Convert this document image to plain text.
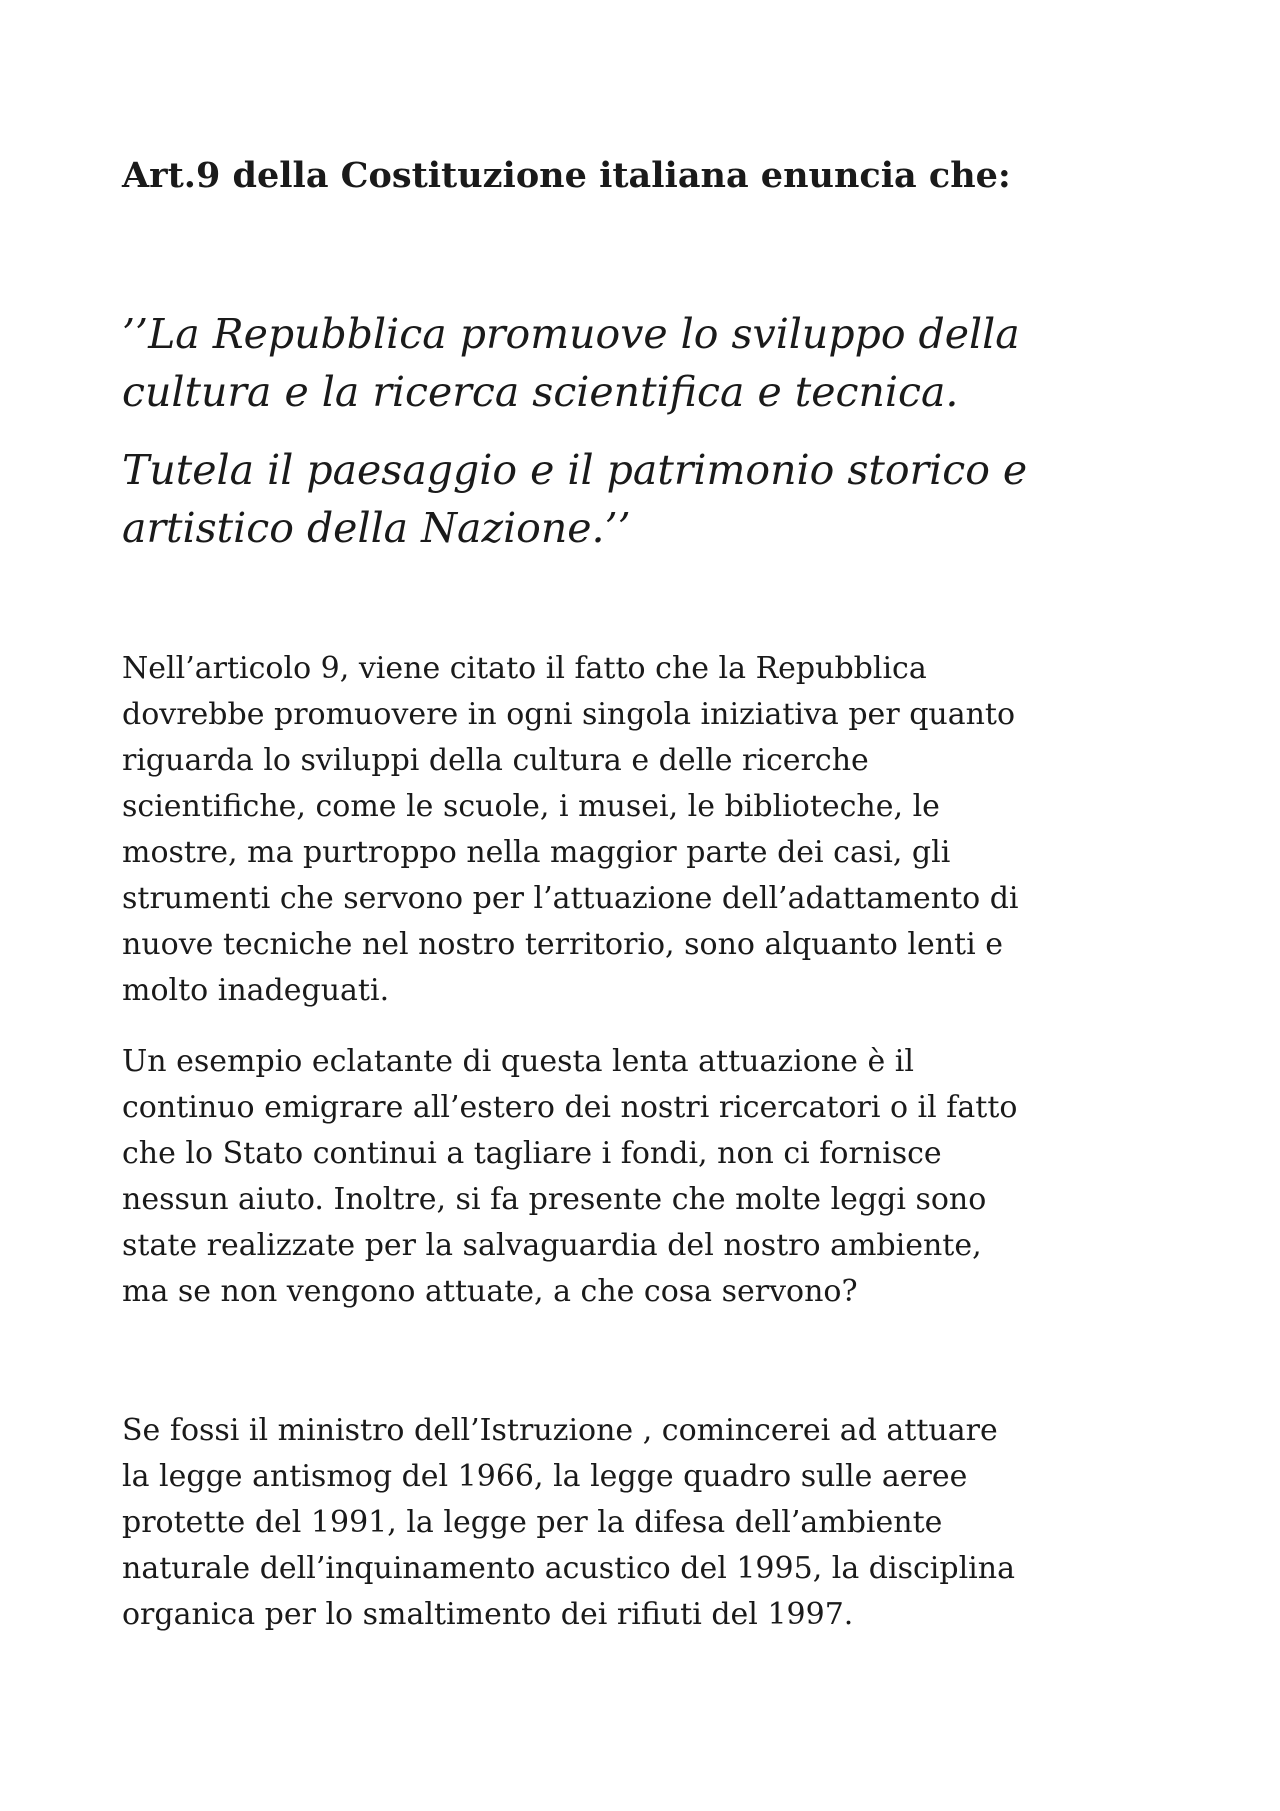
Art.9 della Costituzione italiana enuncia che:
’’La Repubblica promuove lo sviluppo della
cultura e la ricerca scientifica e tecnica.
Tutela il paesaggio e il patrimonio storico e
artistico della Nazione.’’
Nell’articolo 9, viene citato il fatto che la Repubblica
dovrebbe promuovere in ogni singola iniziativa per quanto
riguarda lo sviluppi della cultura e delle ricerche
scientifiche, come le scuole, i musei, le biblioteche, le
mostre, ma purtroppo nella maggior parte dei casi, gli
strumenti che servono per l’attuazione dell’adattamento di
nuove tecniche nel nostro territorio, sono alquanto lenti e
molto inadeguati.
Un esempio eclatante di questa lenta attuazione è il
continuo emigrare all’estero dei nostri ricercatori o il fatto
che lo Stato continui a tagliare i fondi, non ci fornisce
nessun aiuto. Inoltre, si fa presente che molte leggi sono
state realizzate per la salvaguardia del nostro ambiente,
ma se non vengono attuate, a che cosa servono?
Se fossi il ministro dell’Istruzione , comincerei ad attuare
la legge antismog del 1966, la legge quadro sulle aeree
protette del 1991, la legge per la difesa dell’ambiente
naturale dell’inquinamento acustico del 1995, la disciplina
organica per lo smaltimento dei rifiuti del 1997.
